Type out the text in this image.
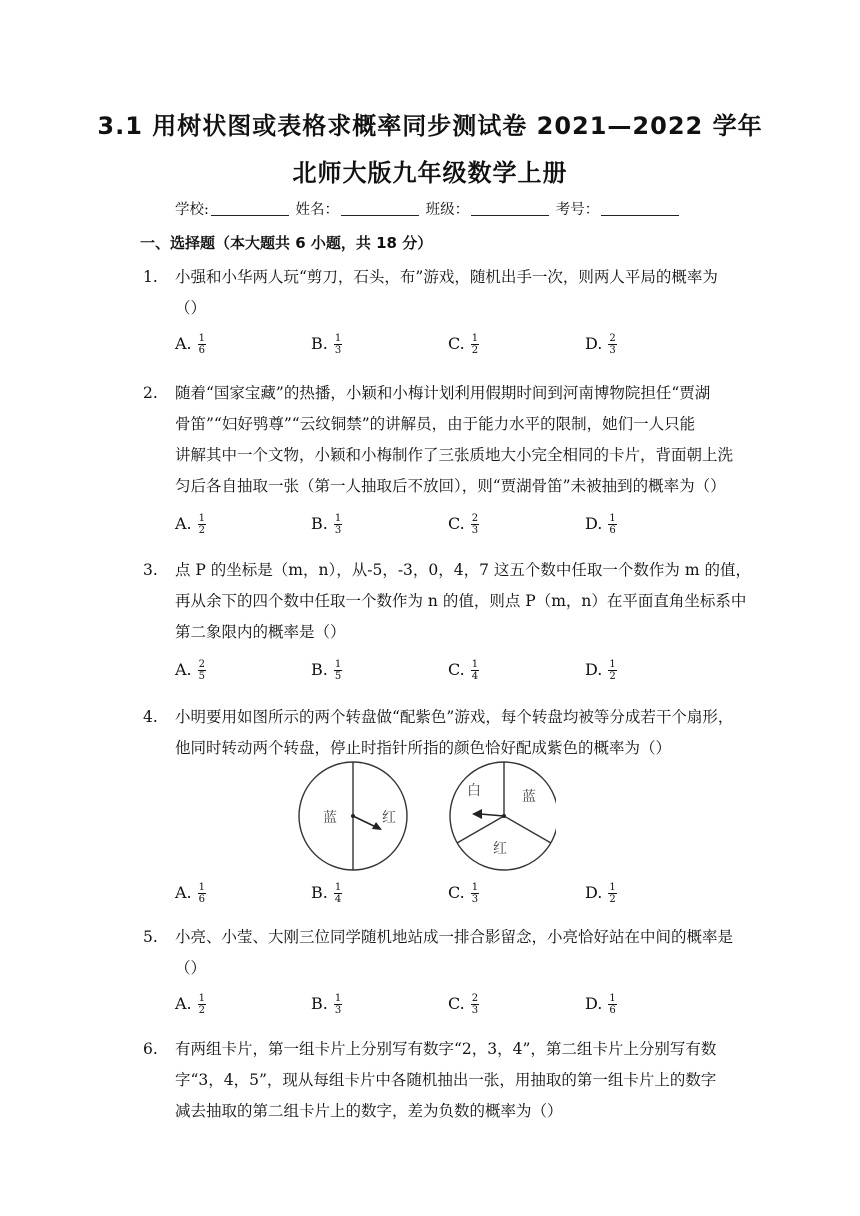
3.1 用树状图或表格求概率同步测试卷 2021—2022 学年
北师大版九年级数学上册
学校:	姓名：	班级：	考号：
一、选择题（本大题共 6 小题，共 18 分）
1. 小强和小华两人玩“剪刀，石头，布”游戏，随机出手一次，则两人平局的概率为
（）
A. $\frac{1}{6}$	B. $\frac{1}{3}$	C. $\frac{1}{2}$	D. $\frac{2}{3}$
2. 随着“国家宝藏”的热播，小颖和小梅计划利用假期时间到河南博物院担任“贾湖
骨笛”“妇好鸮尊”“云纹铜禁”的讲解员，由于能力水平的限制，她们一人只能
讲解其中一个文物，小颖和小梅制作了三张质地大小完全相同的卡片，背面朝上洗
匀后各自抽取一张（第一人抽取后不放回），则“贾湖骨笛”未被抽到的概率为（）
A. $\frac{1}{2}$	B. $\frac{1}{3}$	C. $\frac{2}{3}$	D. $\frac{1}{6}$
3. 点 P 的坐标是（m，n），从-5，-3，0，4，7 这五个数中任取一个数作为 m 的值，
再从余下的四个数中任取一个数作为 n 的值，则点 P（m，n）在平面直角坐标系中
第二象限内的概率是（）
A. $\frac{2}{5}$	B. $\frac{1}{5}$	C. $\frac{1}{4}$	D. $\frac{1}{2}$
4. 小明要用如图所示的两个转盘做“配紫色”游戏，每个转盘均被等分成若干个扇形，
他同时转动两个转盘，停止时指针所指的颜色恰好配成紫色的概率为（）
蓝	红
白	蓝
红
A. $\frac{1}{6}$	B. $\frac{1}{4}$	C. $\frac{1}{3}$	D. $\frac{1}{2}$
5. 小亮、小莹、大刚三位同学随机地站成一排合影留念，小亮恰好站在中间的概率是
（）
A. $\frac{1}{2}$	B. $\frac{1}{3}$	C. $\frac{2}{3}$	D. $\frac{1}{6}$
6. 有两组卡片，第一组卡片上分别写有数字“2，3，4”，第二组卡片上分别写有数
字“3，4，5”，现从每组卡片中各随机抽出一张，用抽取的第一组卡片上的数字
减去抽取的第二组卡片上的数字，差为负数的概率为（）
